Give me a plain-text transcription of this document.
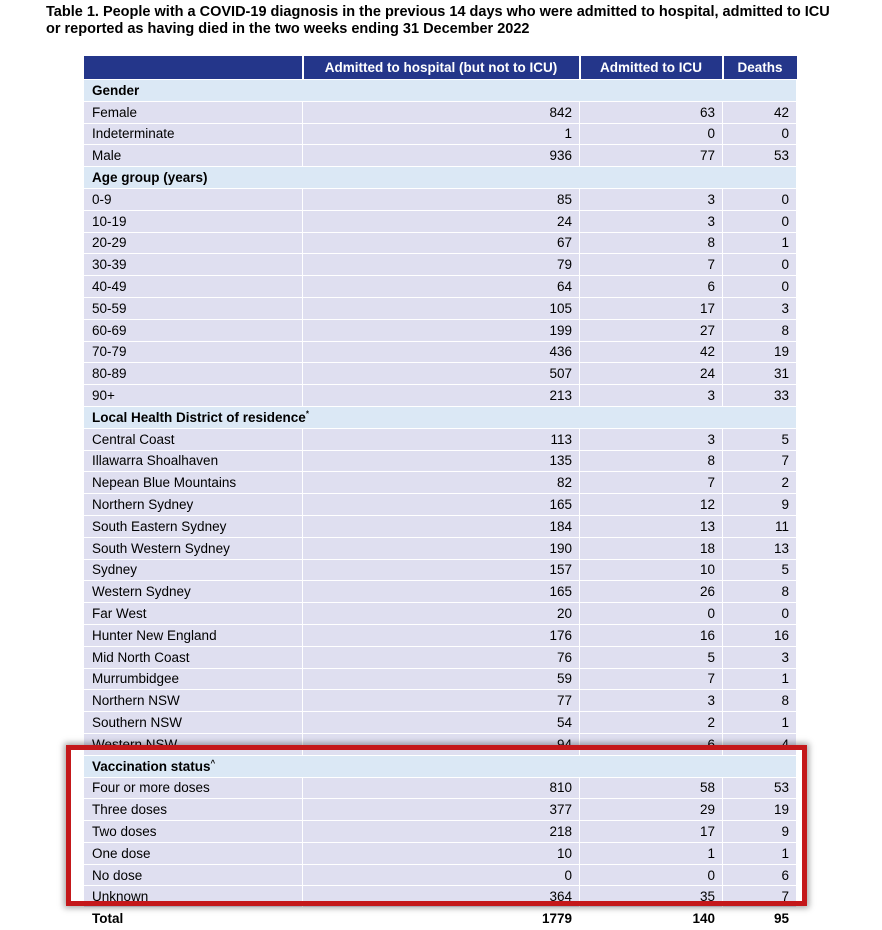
Table 1. People with a COVID-19 diagnosis in the previous 14 days who were admitted to hospital, admitted to ICU or reported as having died in the two weeks ending 31 December 2022
	Admitted to hospital (but not to ICU)	Admitted to ICU	Deaths
Gender			
Female	842	63	42
Indeterminate	1	0	0
Male	936	77	53
Age group (years)			
0-9	85	3	0
10-19	24	3	0
20-29	67	8	1
30-39	79	7	0
40-49	64	6	0
50-59	105	17	3
60-69	199	27	8
70-79	436	42	19
80-89	507	24	31
90+	213	3	33
Local Health District of residence*
Central Coast	113	3	5
Illawarra Shoalhaven	135	8	7
Nepean Blue Mountains	82	7	2
Northern Sydney	165	12	9
South Eastern Sydney	184	13	11
South Western Sydney	190	18	13
Sydney	157	10	5
Western Sydney	165	26	8
Far West	20	0	0
Hunter New England	176	16	16
Mid North Coast	76	5	3
Murrumbidgee	59	7	1
Northern NSW	77	3	8
Southern NSW	54	2	1
Western NSW	94	6	4
Vaccination status^
Four or more doses	810	58	53
Three doses	377	29	19
Two doses	218	17	9
One dose	10	1	1
No dose	0	0	6
Unknown	364	35	7
Total	1779	140	95
